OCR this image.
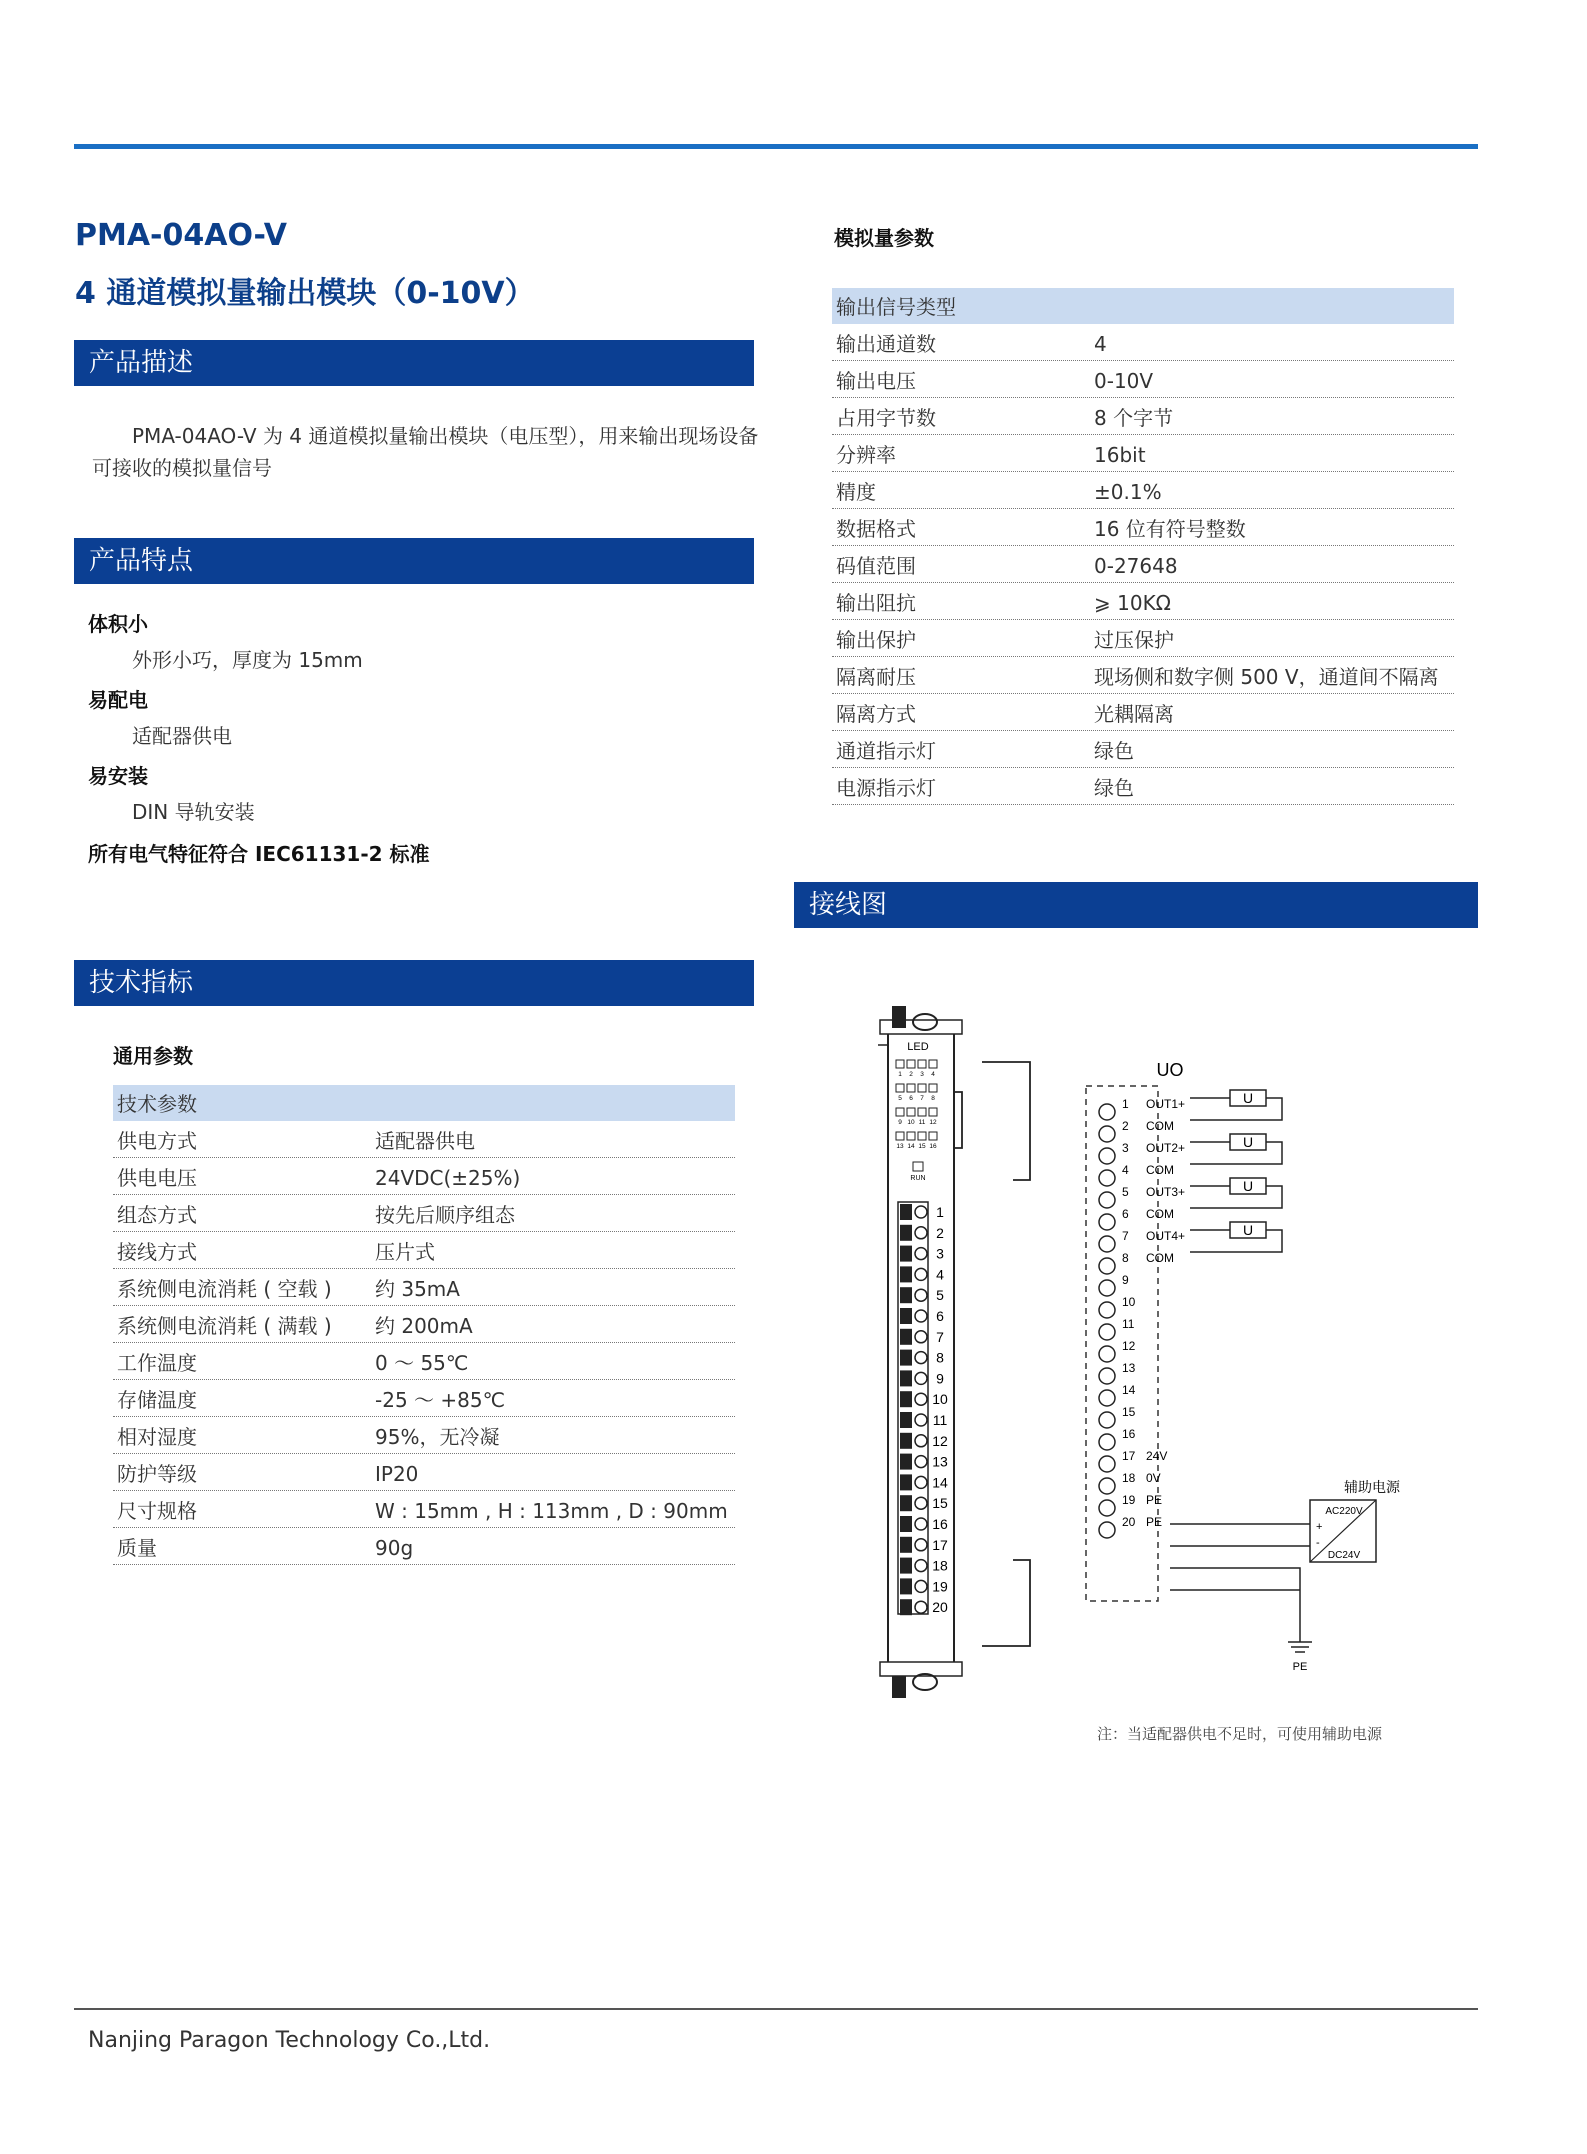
PMA-04AO-V
4 通道模拟量输出模块（0-10V）
产品描述
PMA-04AO-V 为 4 通道模拟量输出模块（电压型），用来输出现场设备可接收的模拟量信号
产品特点
体积小
外形小巧，厚度为 15mm
易配电
适配器供电
易安装
DIN 导轨安装
所有电气特征符合 IEC61131-2 标准
技术指标
通用参数
技术参数
供电方式	适配器供电
供电电压	24VDC(±25%)
组态方式	按先后顺序组态
接线方式	压片式
系统侧电流消耗 ( 空载 ) 约 35mA
系统侧电流消耗 ( 满载 ) 约 200mA
工作温度	0 ～ 55℃
存储温度	-25 ～ +85℃
相对湿度	95%，无冷凝
防护等级	IP20
尺寸规格	W : 15mm , H : 113mm , D : 90mm
质量	90g
模拟量参数
输出信号类型
输出通道数	4
输出电压	0-10V
占用字节数	8 个字节
分辨率	16bit
精度	±0.1%
数据格式	16 位有符号整数
码值范围	0-27648
输出阻抗	⩾ 10KΩ
输出保护	过压保护
隔离耐压	现场侧和数字侧 500 V，通道间不隔离
隔离方式	光耦隔离
通道指示灯	绿色
电源指示灯	绿色
接线图
LED
1 2 3 4
5 6 7 8
9 10 11 12
13 14 15 16
RUN
1
2
3
4
5
6
7
8
9
10
11
12
13
14
15
16
17
18
19
20
UO
1 OUT1+
2 COM
3 OUT2+
4 COM
5 OUT3+
6 COM
7 OUT4+
8 COM
9
10
11
12
13
14
15
16
17 24V
18 0V
19 PE
20 PE
U
U
U
U
辅助电源
AC220V
DC24V
+
-
PE
注：当适配器供电不足时，可使用辅助电源
Nanjing Paragon Technology Co.,Ltd.
